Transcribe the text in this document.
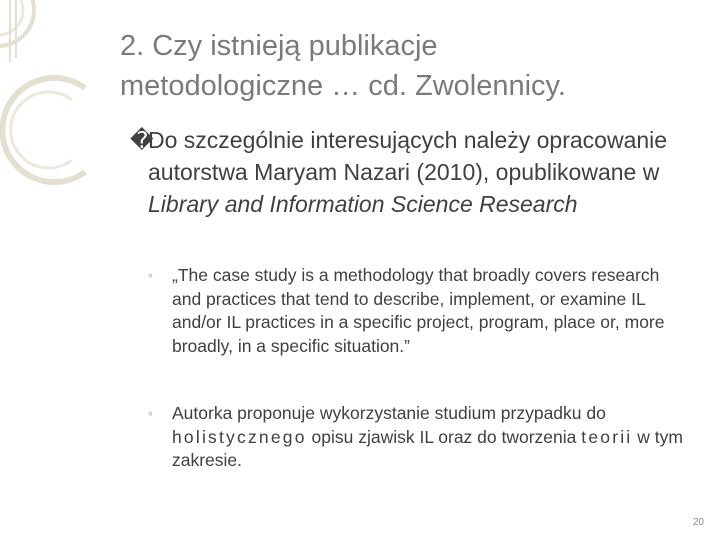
2. Czy istnieją publikacje
metodologiczne … cd. Zwolennicy.
�
Do szczególnie interesujących należy opracowanie autorstwa Maryam Nazari (2010), opublikowane w Library and Information Science Research
◦ „The case study is a methodology that broadly covers research and practices that tend to describe, implement, or examine IL and/or IL practices in a specific project, program, place or, more broadly, in a specific situation.”
◦ Autorka proponuje wykorzystanie studium przypadku do holistycznego opisu zjawisk IL oraz do tworzenia teorii w tym zakresie.
20
